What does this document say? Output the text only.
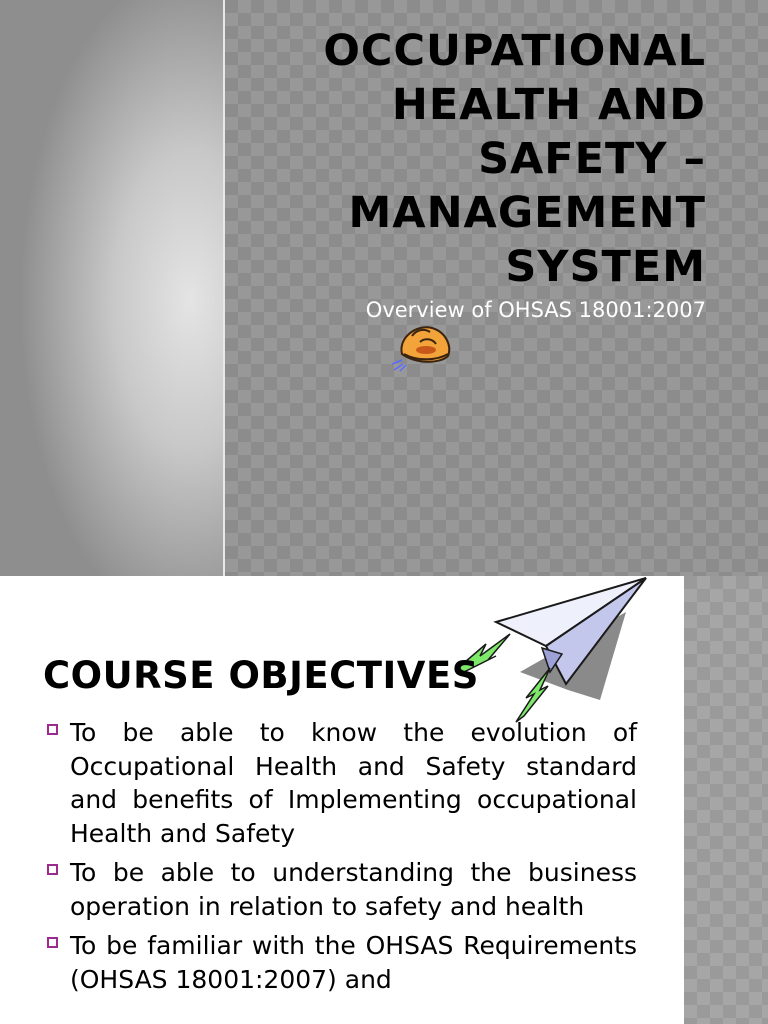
OCCUPATIONAL
HEALTH AND
SAFETY –
MANAGEMENT
SYSTEM

Overview of OHSAS 18001:2007

COURSE OBJECTIVES
To be able to know the evolution of Occupational Health and Safety standard and benefits of Implementing occupational Health and Safety
To be able to understanding the business operation in relation to safety and health
To be familiar with the OHSAS Requirements (OHSAS 18001:2007) and
